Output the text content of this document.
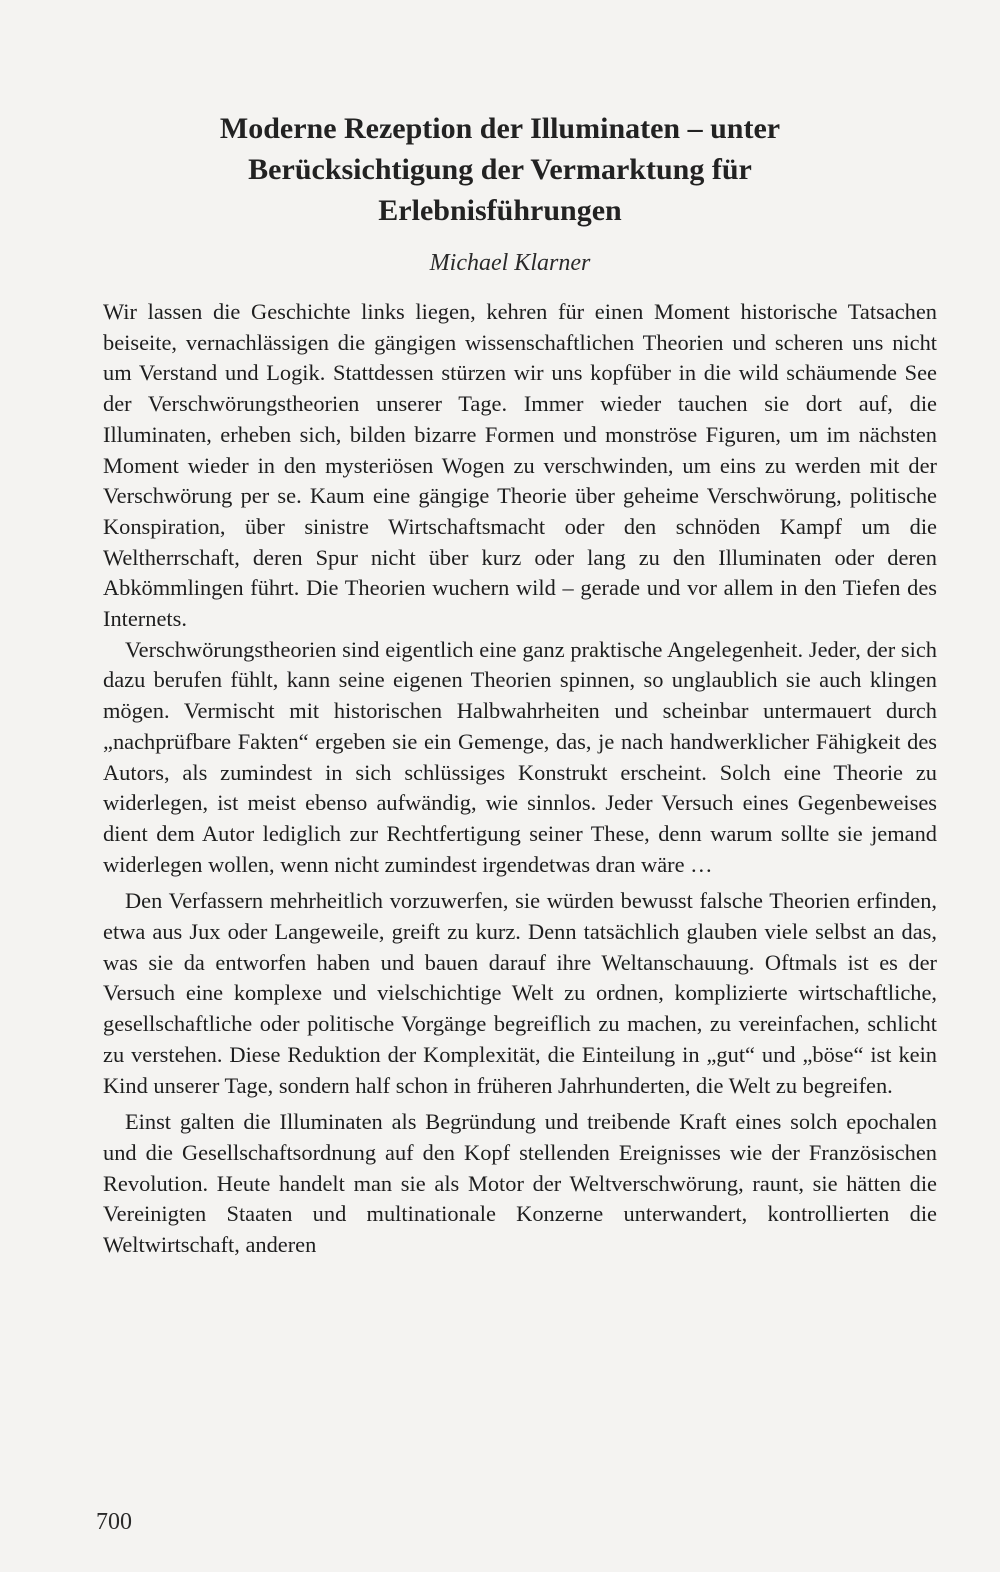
Moderne Rezeption der Illuminaten – unter
Berücksichtigung der Vermarktung für
Erlebnisführungen

Michael Klarner

Wir lassen die Geschichte links liegen, kehren für einen Moment historische Tatsachen beiseite, vernachlässigen die gängigen wissenschaftlichen Theorien und scheren uns nicht um Verstand und Logik. Stattdessen stürzen wir uns kopfüber in die wild schäumende See der Verschwörungstheorien unserer Tage. Immer wieder tauchen sie dort auf, die Illuminaten, erheben sich, bilden bizarre Formen und monströse Figuren, um im nächsten Moment wieder in den mysteriösen Wogen zu verschwinden, um eins zu werden mit der Verschwörung per se. Kaum eine gängige Theorie über geheime Verschwörung, politische Konspiration, über sinistre Wirtschaftsmacht oder den schnöden Kampf um die Weltherrschaft, deren Spur nicht über kurz oder lang zu den Illuminaten oder deren Abkömmlingen führt. Die Theorien wuchern wild – gerade und vor allem in den Tiefen des Internets.

Verschwörungstheorien sind eigentlich eine ganz praktische Angelegenheit. Jeder, der sich dazu berufen fühlt, kann seine eigenen Theorien spinnen, so unglaublich sie auch klingen mögen. Vermischt mit historischen Halbwahrheiten und scheinbar untermauert durch „nachprüfbare Fakten“ ergeben sie ein Gemenge, das, je nach handwerklicher Fähigkeit des Autors, als zumindest in sich schlüssiges Konstrukt erscheint. Solch eine Theorie zu widerlegen, ist meist ebenso aufwändig, wie sinnlos. Jeder Versuch eines Gegenbeweises dient dem Autor lediglich zur Rechtfertigung seiner These, denn warum sollte sie jemand widerlegen wollen, wenn nicht zumindest irgendetwas dran wäre …

Den Verfassern mehrheitlich vorzuwerfen, sie würden bewusst falsche Theorien erfinden, etwa aus Jux oder Langeweile, greift zu kurz. Denn tatsächlich glauben viele selbst an das, was sie da entworfen haben und bauen darauf ihre Weltanschauung. Oftmals ist es der Versuch eine komplexe und vielschichtige Welt zu ordnen, komplizierte wirtschaftliche, gesellschaftliche oder politische Vorgänge begreiflich zu machen, zu vereinfachen, schlicht zu verstehen. Diese Reduktion der Komplexität, die Einteilung in „gut“ und „böse“ ist kein Kind unserer Tage, sondern half schon in früheren Jahrhunderten, die Welt zu begreifen.

Einst galten die Illuminaten als Begründung und treibende Kraft eines solch epochalen und die Gesellschaftsordnung auf den Kopf stellenden Ereignisses wie der Französischen Revolution. Heute handelt man sie als Motor der Weltverschwörung, raunt, sie hätten die Vereinigten Staaten und multinationale Konzerne unterwandert, kontrollierten die Weltwirtschaft, anderen

700
